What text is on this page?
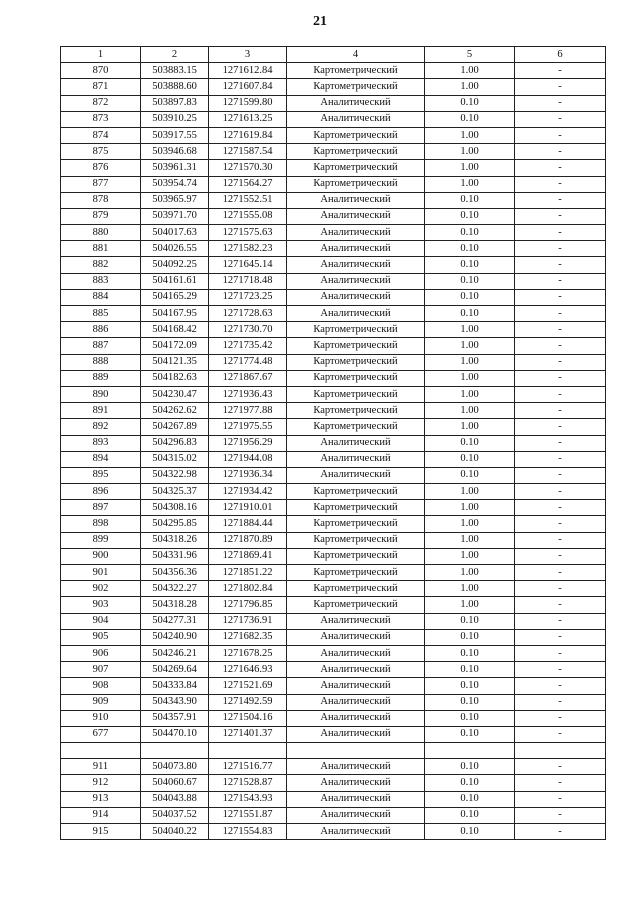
21
1	2	3	4	5	6
870	503883.15	1271612.84	Картометрический	1.00	-
871	503888.60	1271607.84	Картометрический	1.00	-
872	503897.83	1271599.80	Аналитический	0.10	-
873	503910.25	1271613.25	Аналитический	0.10	-
874	503917.55	1271619.84	Картометрический	1.00	-
875	503946.68	1271587.54	Картометрический	1.00	-
876	503961.31	1271570.30	Картометрический	1.00	-
877	503954.74	1271564.27	Картометрический	1.00	-
878	503965.97	1271552.51	Аналитический	0.10	-
879	503971.70	1271555.08	Аналитический	0.10	-
880	504017.63	1271575.63	Аналитический	0.10	-
881	504026.55	1271582.23	Аналитический	0.10	-
882	504092.25	1271645.14	Аналитический	0.10	-
883	504161.61	1271718.48	Аналитический	0.10	-
884	504165.29	1271723.25	Аналитический	0.10	-
885	504167.95	1271728.63	Аналитический	0.10	-
886	504168.42	1271730.70	Картометрический	1.00	-
887	504172.09	1271735.42	Картометрический	1.00	-
888	504121.35	1271774.48	Картометрический	1.00	-
889	504182.63	1271867.67	Картометрический	1.00	-
890	504230.47	1271936.43	Картометрический	1.00	-
891	504262.62	1271977.88	Картометрический	1.00	-
892	504267.89	1271975.55	Картометрический	1.00	-
893	504296.83	1271956.29	Аналитический	0.10	-
894	504315.02	1271944.08	Аналитический	0.10	-
895	504322.98	1271936.34	Аналитический	0.10	-
896	504325.37	1271934.42	Картометрический	1.00	-
897	504308.16	1271910.01	Картометрический	1.00	-
898	504295.85	1271884.44	Картометрический	1.00	-
899	504318.26	1271870.89	Картометрический	1.00	-
900	504331.96	1271869.41	Картометрический	1.00	-
901	504356.36	1271851.22	Картометрический	1.00	-
902	504322.27	1271802.84	Картометрический	1.00	-
903	504318.28	1271796.85	Картометрический	1.00	-
904	504277.31	1271736.91	Аналитический	0.10	-
905	504240.90	1271682.35	Аналитический	0.10	-
906	504246.21	1271678.25	Аналитический	0.10	-
907	504269.64	1271646.93	Аналитический	0.10	-
908	504333.84	1271521.69	Аналитический	0.10	-
909	504343.90	1271492.59	Аналитический	0.10	-
910	504357.91	1271504.16	Аналитический	0.10	-
677	504470.10	1271401.37	Аналитический	0.10	-

911	504073.80	1271516.77	Аналитический	0.10	-
912	504060.67	1271528.87	Аналитический	0.10	-
913	504043.88	1271543.93	Аналитический	0.10	-
914	504037.52	1271551.87	Аналитический	0.10	-
915	504040.22	1271554.83	Аналитический	0.10	-
